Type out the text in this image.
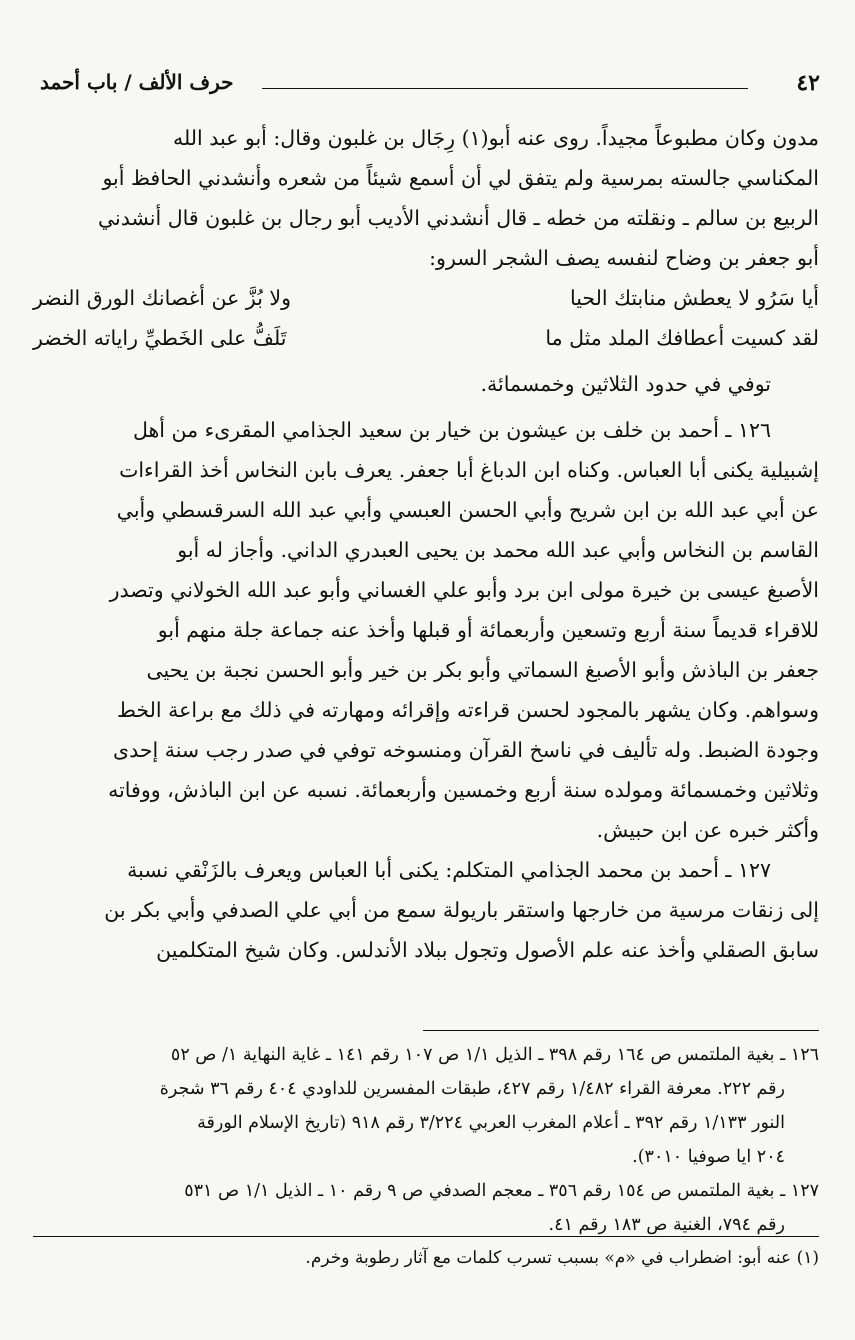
٤٢
حرف الألف / باب أحمد
مدون وكان مطبوعاً مجيداً. روى عنه أبو(١) رِجَال بن غلبون وقال: أبو عبد الله
المكناسي جالسته بمرسية ولم يتفق لي أن أسمع شيئاً من شعره وأنشدني الحافظ أبو
الربيع بن سالم ـ ونقلته من خطه ـ قال أنشدني الأديب أبو رجال بن غلبون قال أنشدني
أبو جعفر بن وضاح لنفسه يصف الشجر السرو:
أيا سَرُو لا يعطش منابتك الحيا
ولا بُزَّ عن أغصانك الورق النضر
لقد كسيت أعطافك الملد مثل ما
تَلَفُّ على الخَطيِّ راياته الخضر
توفي في حدود الثلاثين وخمسمائة.
١٢٦ ـ أحمد بن خلف بن عيشون بن خيار بن سعيد الجذامي المقرىء من أهل
إشبيلية يكنى أبا العباس. وكناه ابن الدباغ أبا جعفر. يعرف بابن النخاس أخذ القراءات
عن أبي عبد الله بن ابن شريح وأبي الحسن العبسي وأبي عبد الله السرقسطي وأبي
القاسم بن النخاس وأبي عبد الله محمد بن يحيى العبدري الداني. وأجاز له أبو
الأصبغ عيسى بن خيرة مولى ابن برد وأبو علي الغساني وأبو عبد الله الخولاني وتصدر
للاقراء قديماً سنة أربع وتسعين وأربعمائة أو قبلها وأخذ عنه جماعة جلة منهم أبو
جعفر بن الباذش وأبو الأصبغ السماتي وأبو بكر بن خير وأبو الحسن نجبة بن يحيى
وسواهم. وكان يشهر بالمجود لحسن قراءته وإقرائه ومهارته في ذلك مع براعة الخط
وجودة الضبط. وله تأليف في ناسخ القرآن ومنسوخه توفي في صدر رجب سنة إحدى
وثلاثين وخمسمائة ومولده سنة أربع وخمسين وأربعمائة. نسبه عن ابن الباذش، ووفاته
وأكثر خبره عن ابن حبيش.
١٢٧ ـ أحمد بن محمد الجذامي المتكلم: يكنى أبا العباس ويعرف بالزَنْقي نسبة
إلى زنقات مرسية من خارجها واستقر باريولة سمع من أبي علي الصدفي وأبي بكر بن
سابق الصقلي وأخذ عنه علم الأصول وتجول ببلاد الأندلس. وكان شيخ المتكلمين
١٢٦ ـ بغية الملتمس ص ١٦٤ رقم ٣٩٨ ـ الذيل ١/١ ص ١٠٧ رقم ١٤١ ـ غاية النهاية ١/ ص ٥٢
رقم ٢٢٢. معرفة القراء ١/٤٨٢ رقم ٤٢٧، طبقات المفسرين للداودي ٤٠٤ رقم ٣٦ شجرة
النور ١/١٣٣ رقم ٣٩٢ ـ أعلام المغرب العربي ٣/٢٢٤ رقم ٩١٨ (تاريخ الإسلام الورقة
٢٠٤ ايا صوفيا ٣٠١٠).
١٢٧ ـ بغية الملتمس ص ١٥٤ رقم ٣٥٦ ـ معجم الصدفي ص ٩ رقم ١٠ ـ الذيل ١/١ ص ٥٣١
رقم ٧٩٤، الغنية ص ١٨٣ رقم ٤١.
(١) عنه أبو: اضطراب في «م» بسبب تسرب كلمات مع آثار رطوبة وخرم.
